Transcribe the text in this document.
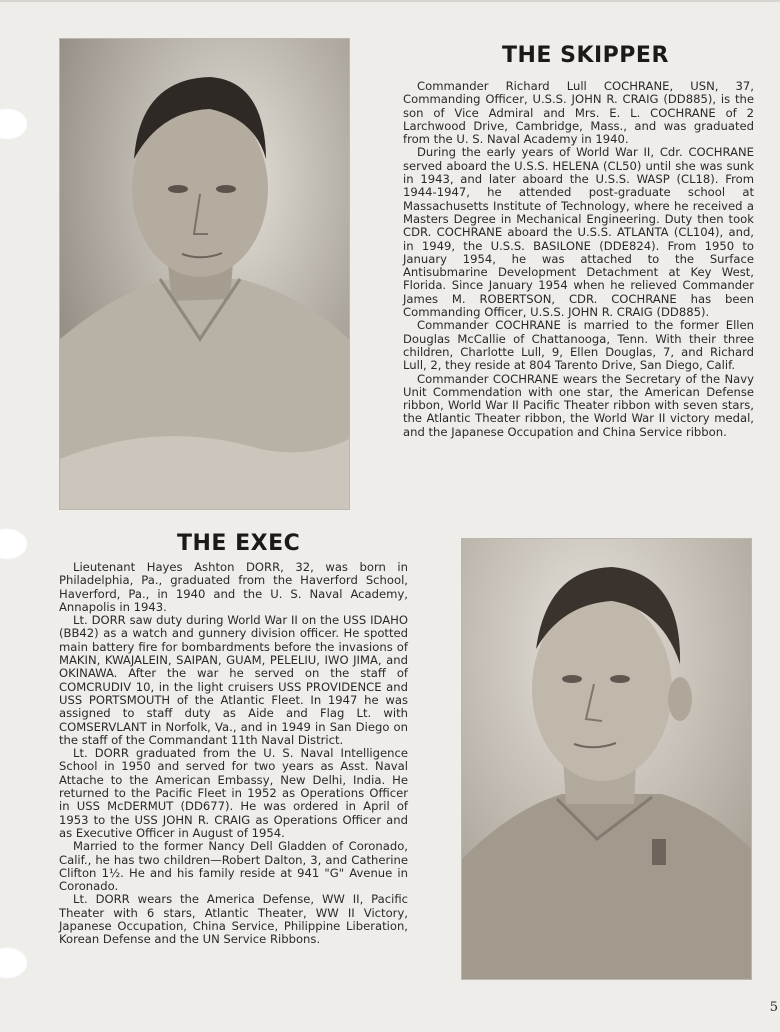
THE SKIPPER

Commander Richard Lull COCHRANE, USN, 37, Commanding Officer, U.S.S. JOHN R. CRAIG (DD885), is the son of Vice Admiral and Mrs. E. L. COCHRANE of 2 Larchwood Drive, Cambridge, Mass., and was graduated from the U. S. Naval Academy in 1940.

During the early years of World War II, Cdr. COCHRANE served aboard the U.S.S. HELENA (CL50) until she was sunk in 1943, and later aboard the U.S.S. WASP (CL18). From 1944-1947, he attended post-graduate school at Massachusetts Institute of Technology, where he received a Masters Degree in Mechanical Engineering. Duty then took CDR. COCHRANE aboard the U.S.S. ATLANTA (CL104), and, in 1949, the U.S.S. BASILONE (DDE824). From 1950 to January 1954, he was attached to the Surface Antisubmarine Development Detachment at Key West, Florida. Since January 1954 when he relieved Commander James M. ROBERTSON, CDR. COCHRANE has been Commanding Officer, U.S.S. JOHN R. CRAIG (DD885).

Commander COCHRANE is married to the former Ellen Douglas McCallie of Chattanooga, Tenn. With their three children, Charlotte Lull, 9, Ellen Douglas, 7, and Richard Lull, 2, they reside at 804 Tarento Drive, San Diego, Calif.

Commander COCHRANE wears the Secretary of the Navy Unit Commendation with one star, the American Defense ribbon, World War II Pacific Theater ribbon with seven stars, the Atlantic Theater ribbon, the World War II victory medal, and the Japanese Occupation and China Service ribbon.

THE EXEC

Lieutenant Hayes Ashton DORR, 32, was born in Philadelphia, Pa., graduated from the Haverford School, Haverford, Pa., in 1940 and the U. S. Naval Academy, Annapolis in 1943.

Lt. DORR saw duty during World War II on the USS IDAHO (BB42) as a watch and gunnery division officer. He spotted main battery fire for bombardments before the invasions of MAKIN, KWAJALEIN, SAIPAN, GUAM, PELELIU, IWO JIMA, and OKINAWA. After the war he served on the staff of COMCRUDIV 10, in the light cruisers USS PROVIDENCE and USS PORTSMOUTH of the Atlantic Fleet. In 1947 he was assigned to staff duty as Aide and Flag Lt. with COMSERVLANT in Norfolk, Va., and in 1949 in San Diego on the staff of the Commandant 11th Naval District.

Lt. DORR graduated from the U. S. Naval Intelligence School in 1950 and served for two years as Asst. Naval Attache to the American Embassy, New Delhi, India. He returned to the Pacific Fleet in 1952 as Operations Officer in USS McDERMUT (DD677). He was ordered in April of 1953 to the USS JOHN R. CRAIG as Operations Officer and as Executive Officer in August of 1954.

Married to the former Nancy Dell Gladden of Coronado, Calif., he has two children—Robert Dalton, 3, and Catherine Clifton 1½. He and his family reside at 941 "G" Avenue in Coronado.

Lt. DORR wears the America Defense, WW II, Pacific Theater with 6 stars, Atlantic Theater, WW II Victory, Japanese Occupation, China Service, Philippine Liberation, Korean Defense and the UN Service Ribbons.

5
